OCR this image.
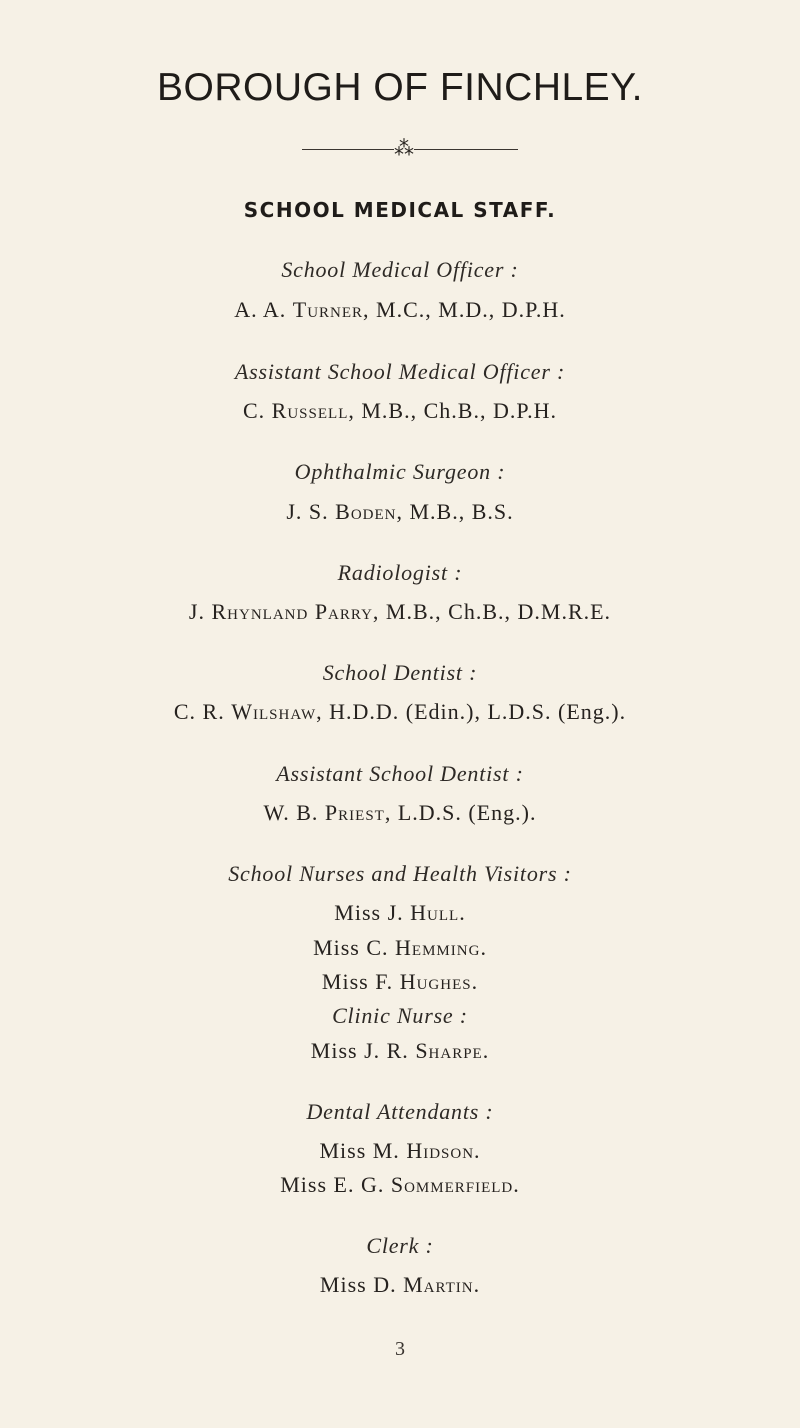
BOROUGH OF FINCHLEY.
⁂
SCHOOL MEDICAL STAFF.
School Medical Officer :
A. A. Turner, M.C., M.D., D.P.H.
Assistant School Medical Officer :
C. Russell, M.B., Ch.B., D.P.H.
Ophthalmic Surgeon :
J. S. Boden, M.B., B.S.
Radiologist :
J. Rhynland Parry, M.B., Ch.B., D.M.R.E.
School Dentist :
C. R. Wilshaw, H.D.D. (Edin.), L.D.S. (Eng.).
Assistant School Dentist :
W. B. Priest, L.D.S. (Eng.).
School Nurses and Health Visitors :
Miss J. Hull.
Miss C. Hemming.
Miss F. Hughes.
Clinic Nurse :
Miss J. R. Sharpe.
Dental Attendants :
Miss M. Hidson.
Miss E. G. Sommerfield.
Clerk :
Miss D. Martin.
3
